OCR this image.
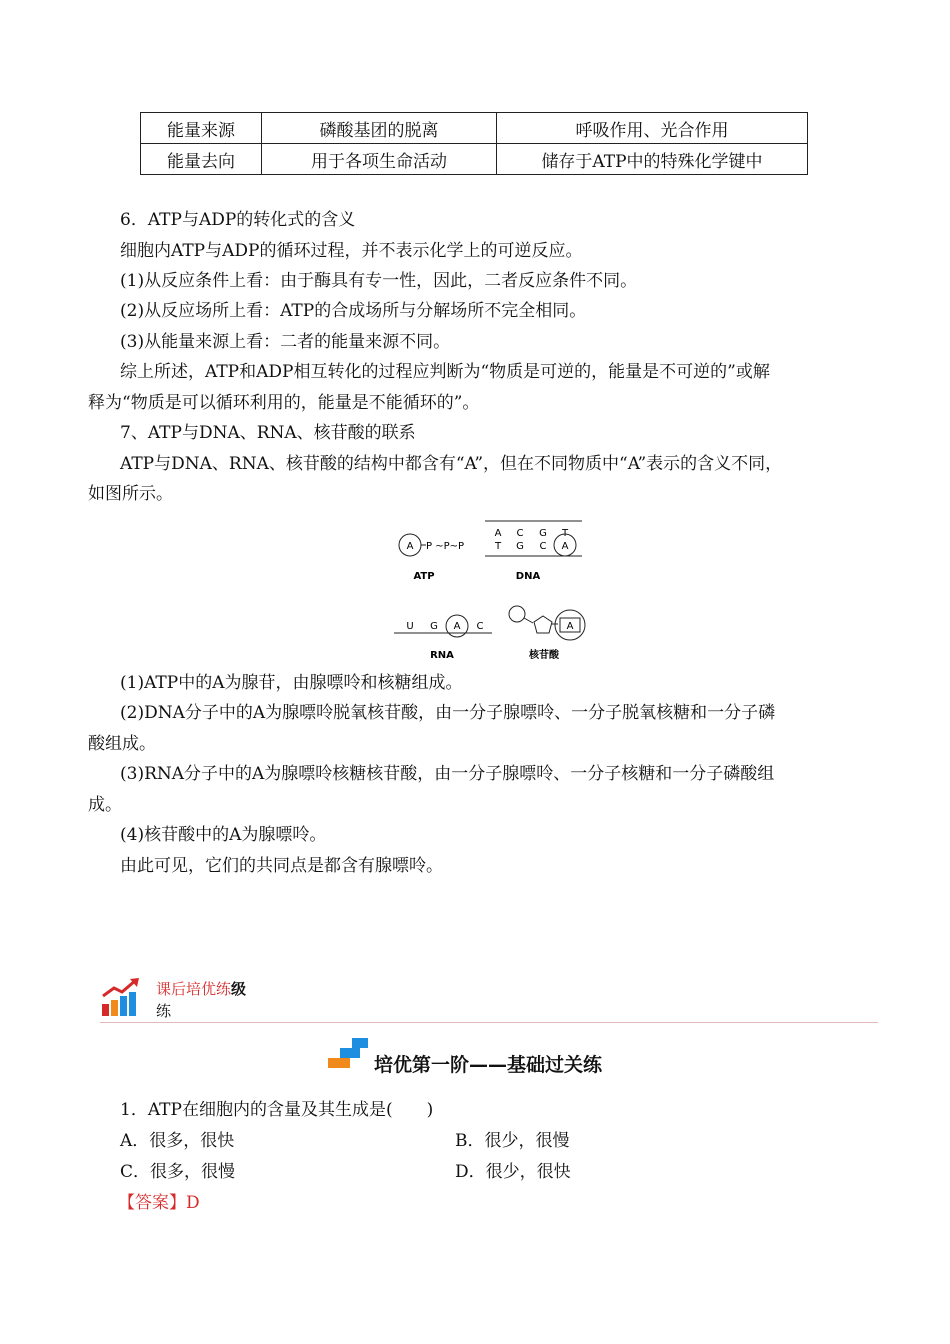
能量来源	磷酸基团的脱离	呼吸作用、光合作用
能量去向	用于各项生命活动	储存于ATP中的特殊化学键中
6．ATP与ADP的转化式的含义
细胞内ATP与ADP的循环过程，并不表示化学上的可逆反应。
(1)从反应条件上看：由于酶具有专一性，因此，二者反应条件不同。
(2)从反应场所上看：ATP的合成场所与分解场所不完全相同。
(3)从能量来源上看：二者的能量来源不同。
综上所述，ATP和ADP相互转化的过程应判断为“物质是可逆的，能量是不可逆的”或解
释为“物质是可以循环利用的，能量是不能循环的”。
7、ATP与DNA、RNA、核苷酸的联系
ATP与DNA、RNA、核苷酸的结构中都含有“A”，但在不同物质中“A”表示的含义不同，
如图所示。
A P ~P~P
ATP
A C G T
T G C A
DNA
U G A C
RNA
A
核苷酸
(1)ATP中的A为腺苷，由腺嘌呤和核糖组成。
(2)DNA分子中的A为腺嘌呤脱氧核苷酸，由一分子腺嘌呤、一分子脱氧核糖和一分子磷
酸组成。
(3)RNA分子中的A为腺嘌呤核糖核苷酸，由一分子腺嘌呤、一分子核糖和一分子磷酸组
成。
(4)核苷酸中的A为腺嘌呤。
由此可见，它们的共同点是都含有腺嘌呤。
课后培优练级
练
培优第一阶——基础过关练
1．ATP在细胞内的含量及其生成是(　　)
A．很多，很快	B．很少，很慢
C．很多，很慢	D．很少，很快
【答案】D
